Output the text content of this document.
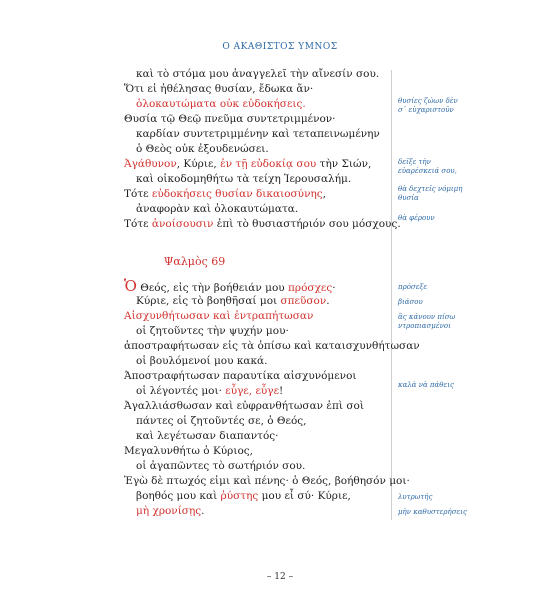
Ο ΑΚΑΘΙΣΤΟΣ ΥΜΝΟΣ
καὶ τὸ στόμα μου ἀναγγελεῖ τὴν αἴνεσίν σου.
Ὅτι εἰ ἠθέλησας θυσίαν, ἔδωκα ἄν·
ὁλοκαυτώματα οὐκ εὐδοκήσεις.
Θυσία τῷ Θεῷ πνεῦμα συντετριμμένον·
καρδίαν συντετριμμένην καὶ τεταπεινωμένην
ὁ Θεὸς οὐκ ἐξουδενώσει.
Ἀγάθυνον, Κύριε, ἐν τῇ εὐδοκίᾳ σου τὴν Σιών,
καὶ οἰκοδομηθήτω τὰ τείχη Ἱερουσαλήμ.
Τότε εὐδοκήσεις θυσίαν δικαιοσύνης,
ἀναφορὰν καὶ ὁλοκαυτώματα.
Τότε ἀνοίσουσιν ἐπὶ τὸ θυσιαστήριόν σου μόσχους.
θυσίες ζώων δὲν
σ᾽ εὐχαριστοῦν
δεῖξε τὴν
εὐαρέσκειά σου,
θὰ δεχτεῖς νόμιμη
θυσία
θὰ φέρουν
Ψαλμὸς 69
Ὁ Θεός, εἰς τὴν βοήθειάν μου πρόσχες·
Κύριε, εἰς τὸ βοηθῆσαί μοι σπεῦσον.
Αἰσχυνθήτωσαν καὶ ἐντραπήτωσαν
οἱ ζητοῦντες τὴν ψυχήν μου·
ἀποστραφήτωσαν εἰς τὰ ὀπίσω καὶ καταισχυνθήτωσαν
οἱ βουλόμενοί μου κακά.
Ἀποστραφήτωσαν παραυτίκα αἰσχυνόμενοι
οἱ λέγοντές μοι· εὖγε, εὖγε!
Ἀγαλλιάσθωσαν καὶ εὐφρανθήτωσαν ἐπὶ σοὶ
πάντες οἱ ζητοῦντές σε, ὁ Θεός,
καὶ λεγέτωσαν διαπαντός·
Μεγαλυνθήτω ὁ Κύριος,
οἱ ἀγαπῶντες τὸ σωτήριόν σου.
Ἐγὼ δὲ πτωχός εἰμι καὶ πένης· ὁ Θεός, βοήθησόν μοι·
βοηθός μου καὶ ῥύστης μου εἶ σύ· Κύριε,
μὴ χρονίσῃς.
πρόσεξε
βιάσου
ἂς κάνουν πίσω
ντροπιασμένοι
καλὰ νὰ πάθεις
λυτρωτής
μὴν καθυστερήσεις
– 12 –
